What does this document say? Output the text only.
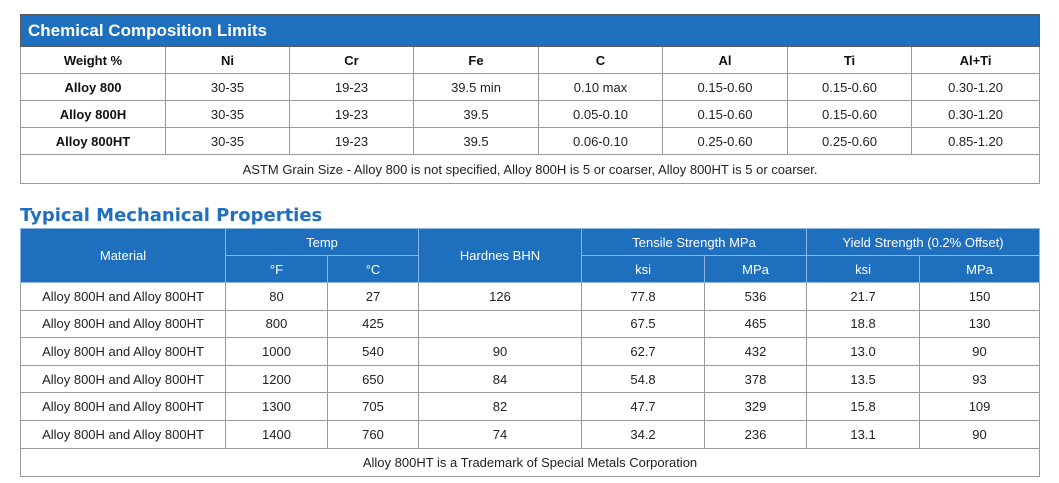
Chemical Composition Limits							
Weight %	Ni	Cr	Fe	C	Al	Ti	Al+Ti
Alloy 800	30-35	19-23	39.5 min	0.10 max	0.15-0.60	0.15-0.60	0.30-1.20
Alloy 800H	30-35	19-23	39.5	0.05-0.10	0.15-0.60	0.15-0.60	0.30-1.20
Alloy 800HT	30-35	19-23	39.5	0.06-0.10	0.25-0.60	0.25-0.60	0.85-1.20
ASTM Grain Size - Alloy 800 is not specified, Alloy 800H is 5 or coarser, Alloy 800HT is 5 or coarser.							
Typical Mechanical Properties
Material	Temp		Hardnes BHN	Tensile Strength MPa		Yield Strength (0.2% Offset)	
	°F	°C		ksi	MPa	ksi	MPa
Alloy 800H and Alloy 800HT	80	27	126	77.8	536	21.7	150
Alloy 800H and Alloy 800HT	800	425		67.5	465	18.8	130
Alloy 800H and Alloy 800HT	1000	540	90	62.7	432	13.0	90
Alloy 800H and Alloy 800HT	1200	650	84	54.8	378	13.5	93
Alloy 800H and Alloy 800HT	1300	705	82	47.7	329	15.8	109
Alloy 800H and Alloy 800HT	1400	760	74	34.2	236	13.1	90
Alloy 800HT is a Trademark of Special Metals Corporation							
